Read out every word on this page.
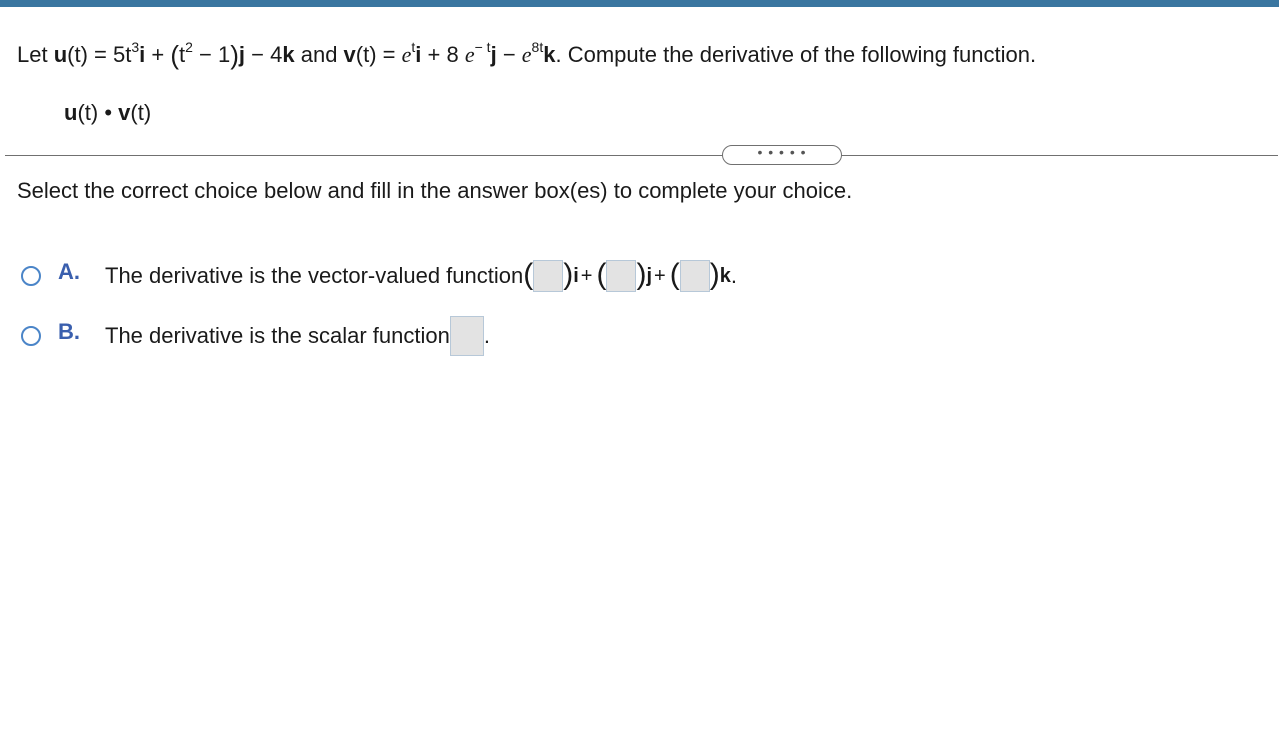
Let $u(t) = 5t^3i + (t^2 - 1)j - 4k$ and $v(t) = e^ti + 8$ $e^{- t}j - e^{8t}k$. Compute the derivative of the following function.
u(t) • v(t)
• • • • •
Select the correct choice below and fill in the answer box(es) to complete your choice.
A.	The derivative is the vector-valued function ( ) i + ( ) j + ( ) k .
B.	The derivative is the scalar function .
